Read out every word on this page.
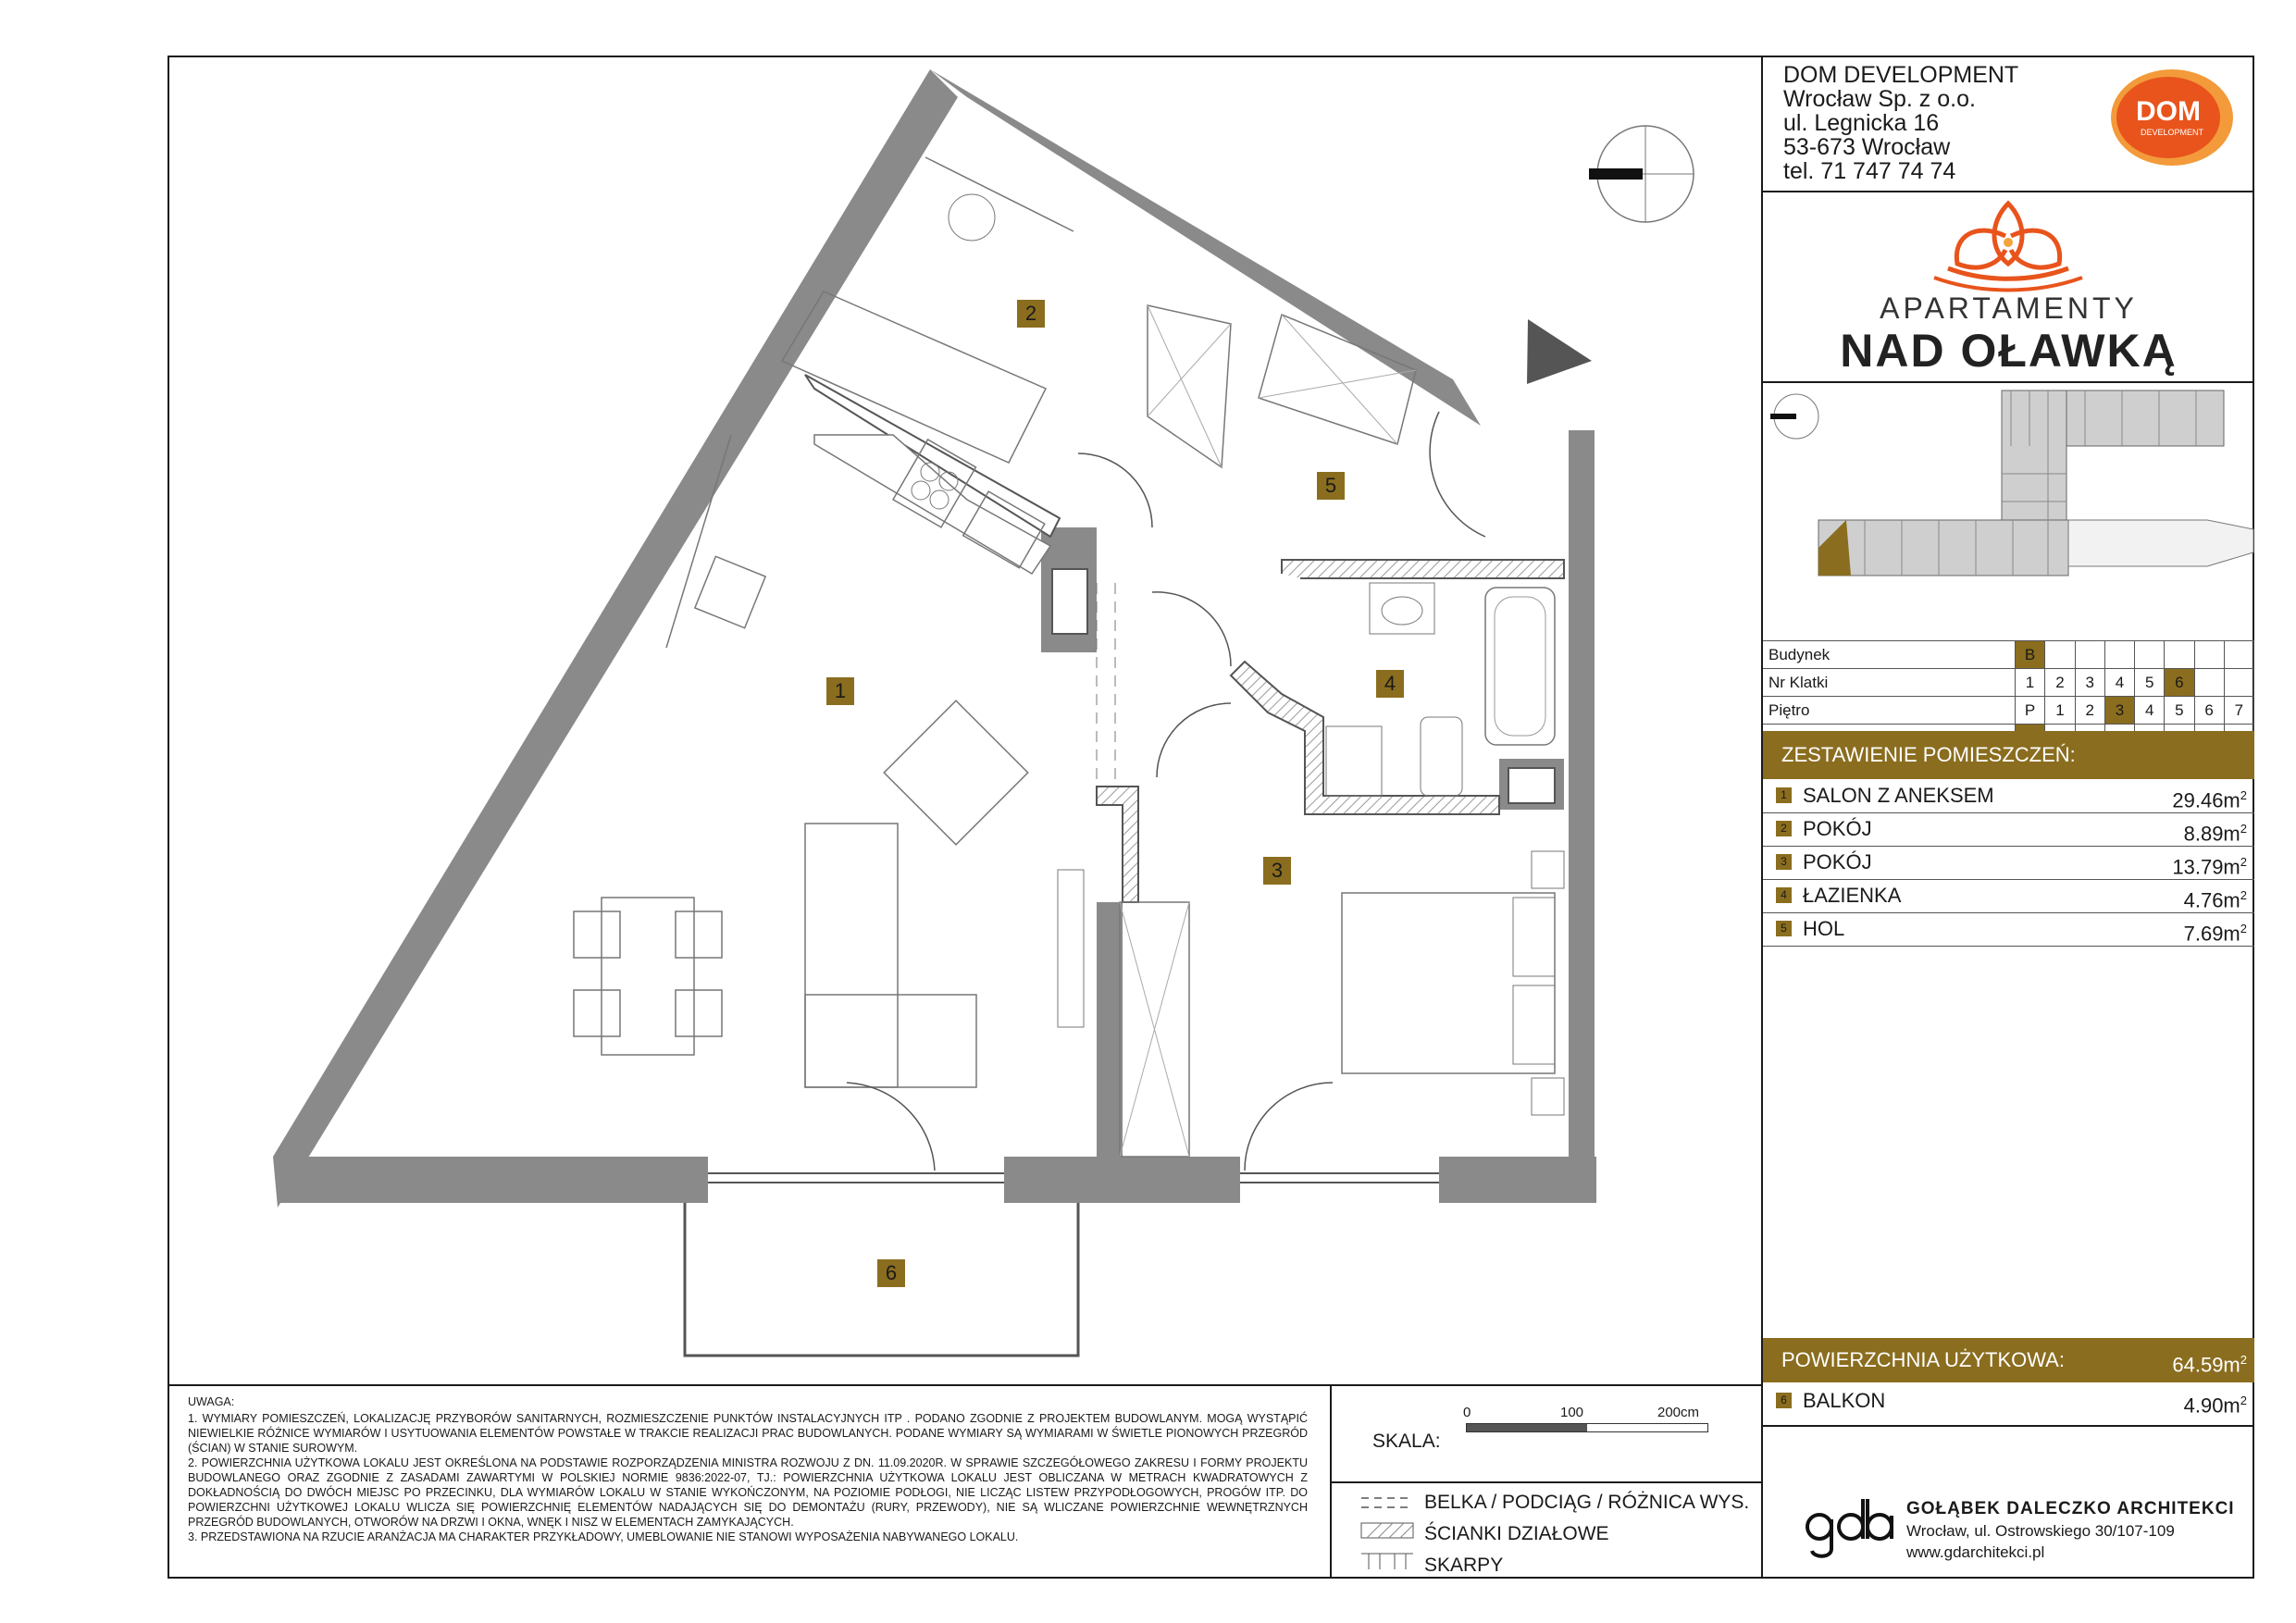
2
5
1	4
3
6
DOM DEVELOPMENT
Wrocław Sp. z o.o.
ul. Legnicka 16
53-673 Wrocław
tel. 71 747 74 74
DOM
DEVELOPMENT
APARTAMENTY
NAD OŁAWKĄ
Budynek	B							
Nr Klatki	1	2	3	4	5	6		
Piętro	P	1	2	3	4	5	6	7

ZESTAWIENIE POMIESZCZEŃ:
1 SALON Z ANEKSEM	$29.46m^2$
2 POKÓJ	$8.89m^2$
3 POKÓJ	$13.79m^2$
4 ŁAZIENKA	$4.76m^2$
5 HOL	$7.69m^2$
POWIERZCHNIA UŻYTKOWA:	$64.59m^2$
6 BALKON	$4.90m^2$
UWAGA:
1. WYMIARY POMIESZCZEŃ, LOKALIZACJĘ PRZYBORÓW SANITARNYCH, ROZMIESZCZENIE PUNKTÓW INSTALACYJNYCH ITP . PODANO ZGODNIE Z PROJEKTEM BUDOWLANYM. MOGĄ WYSTĄPIĆ NIEWIELKIE RÓŻNICE WYMIARÓW I USYTUOWANIA ELEMENTÓW POWSTAŁE W TRAKCIE REALIZACJI PRAC BUDOWLANYCH. PODANE WYMIARY SĄ WYMIARAMI W ŚWIETLE PIONOWYCH PRZEGRÓD (ŚCIAN) W STANIE SUROWYM.
2. POWIERZCHNIA UŻYTKOWA LOKALU JEST OKREŚLONA NA PODSTAWIE ROZPORZĄDZENIA MINISTRA ROZWOJU Z DN. 11.09.2020R. W SPRAWIE SZCZEGÓŁOWEGO ZAKRESU I FORMY PROJEKTU BUDOWLANEGO ORAZ ZGODNIE Z ZASADAMI ZAWARTYMI W POLSKIEJ NORMIE 9836:2022-07, TJ.: POWIERZCHNIA UŻYTKOWA LOKALU JEST OBLICZANA W METRACH KWADRATOWYCH Z DOKŁADNOŚCIĄ DO DWÓCH MIEJSC PO PRZECINKU, DLA WYMIARÓW LOKALU W STANIE WYKOŃCZONYM, NA POZIOMIE PODŁOGI, NIE LICZĄC LISTEW PRZYPODŁOGOWYCH, PROGÓW ITP. DO POWIERZCHNI UŻYTKOWEJ LOKALU WLICZA SIĘ POWIERZCHNIĘ ELEMENTÓW NADAJĄCYCH SIĘ DO DEMONTAŻU (RURY, PRZEWODY), NIE SĄ WLICZANE POWIERZCHNIE WEWNĘTRZNYCH PRZEGRÓD BUDOWLANYCH, OTWORÓW NA DRZWI I OKNA, WNĘK I NISZ W ELEMENTACH ZAMYKAJĄCYCH.
3. PRZEDSTAWIONA NA RZUCIE ARANŻACJA MA CHARAKTER PRZYKŁADOWY, UMEBLOWANIE NIE STANOWI WYPOSAŻENIA NABYWANEGO LOKALU.
SKALA:
0	100	200cm
BELKA / PODCIĄG / RÓŻNICA WYS.
ŚCIANKI DZIAŁOWE
SKARPY
GOŁĄBEK DALECZKO ARCHITEKCI
Wrocław, ul. Ostrowskiego 30/107-109
www.gdarchitekci.pl
